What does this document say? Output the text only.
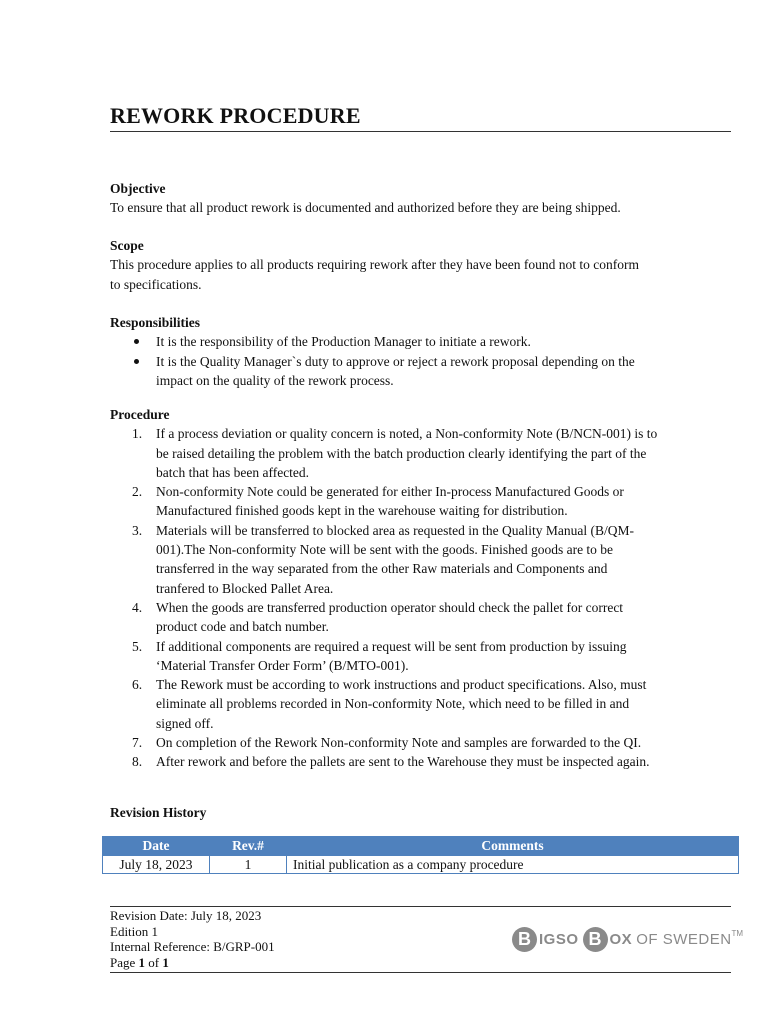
REWORK PROCEDURE
Objective
To ensure that all product rework is documented and authorized before they are being shipped.
Scope
This procedure applies to all products requiring rework after they have been found not to conform
to specifications.
Responsibilities
It is the responsibility of the Production Manager to initiate a rework.
It is the Quality Manager`s duty to approve or reject a rework proposal depending on the
impact on the quality of the rework process.
Procedure
1.	If a process deviation or quality concern is noted, a Non-conformity Note (B/NCN-001) is to
be raised detailing the problem with the batch production clearly identifying the part of the
batch that has been affected.
2.	Non-conformity Note could be generated for either In-process Manufactured Goods or
Manufactured finished goods kept in the warehouse waiting for distribution.
3.	Materials will be transferred to blocked area as requested in the Quality Manual (B/QM-
001).The Non-conformity Note will be sent with the goods. Finished goods are to be
transferred in the way separated from the other Raw materials and Components and
tranfered to Blocked Pallet Area.
4.	When the goods are transferred production operator should check the pallet for correct
product code and batch number.
5.	If additional components are required a request will be sent from production by issuing
‘Material Transfer Order Form’ (B/MTO-001).
6.	The Rework must be according to work instructions and product specifications. Also, must
eliminate all problems recorded in Non-conformity Note, which need to be filled in and
signed off.
7.	On completion of the Rework Non-conformity Note and samples are forwarded to the QI.
8.	After rework and before the pallets are sent to the Warehouse they must be inspected again.
Revision History
Date	Rev.#	Comments
July 18, 2023	1	Initial publication as a company procedure
Revision Date: July 18, 2023
Edition 1
Internal Reference: B/GRP-001
Page 1 of 1
B IGSO B OX OF SWEDEN TM
